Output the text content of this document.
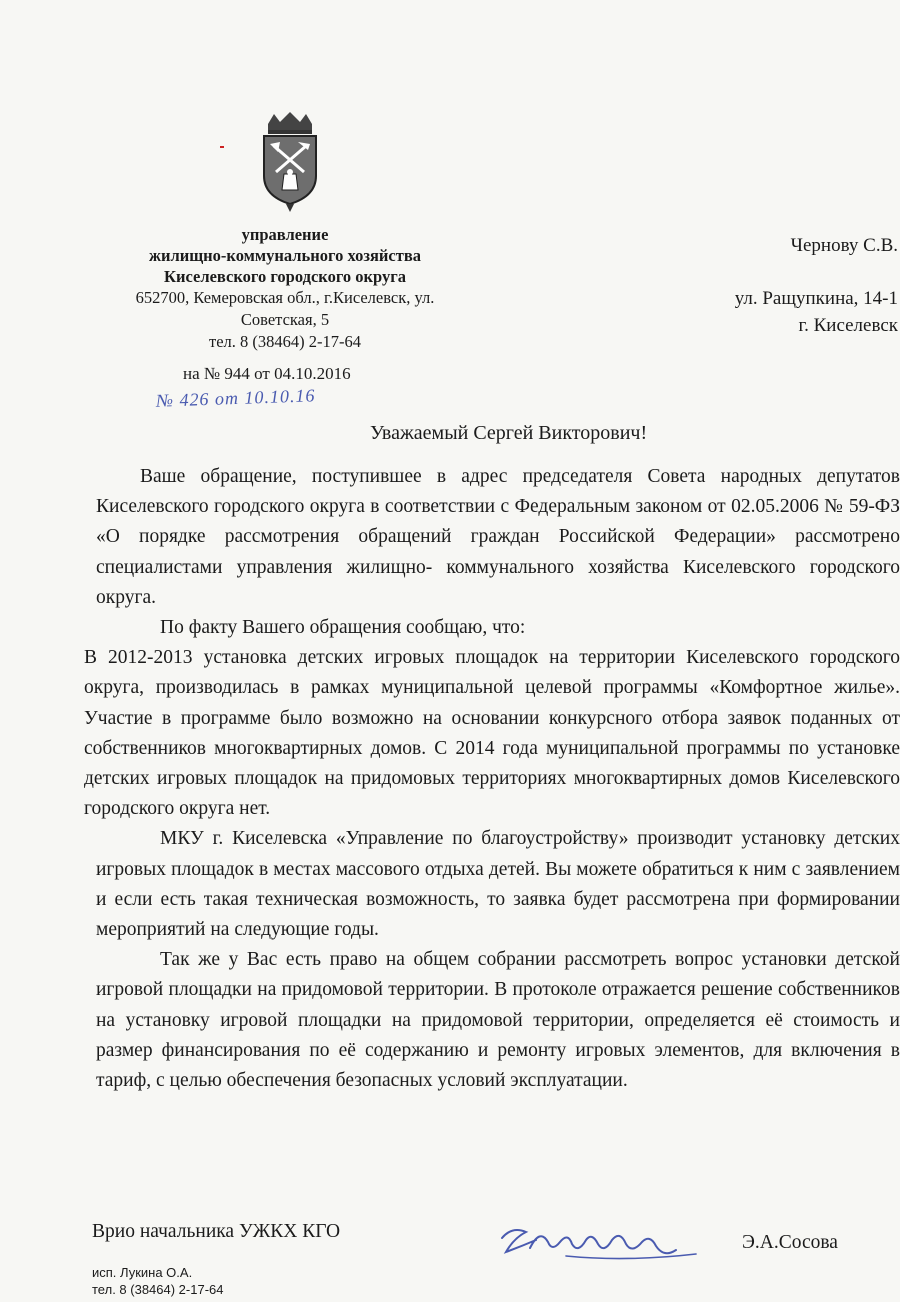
управление
жилищно-коммунального хозяйства
Киселевского городского округа
652700, Кемеровская обл., г.Киселевск, ул.
Советская, 5
тел. 8 (38464) 2-17-64
на № 944 от 04.10.2016
№ 426 от 10.10.16
Чернову С.В.
ул. Ращупкина, 14-1
г. Киселевск
Уважаемый Сергей Викторович!

Ваше обращение, поступившее в адрес председателя Совета народных депутатов Киселевского городского округа в соответствии с Федеральным законом от 02.05.2006 № 59-ФЗ «О порядке рассмотрения обращений граждан Российской Федерации» рассмотрено специалистами управления жилищно- коммунального хозяйства Киселевского городского округа.

По факту Вашего обращения сообщаю, что:

В 2012-2013 установка детских игровых площадок на территории Киселевского городского округа, производилась в рамках муниципальной целевой программы «Комфортное жилье». Участие в программе было возможно на основании конкурсного отбора заявок поданных от собственников многоквартирных домов. С 2014 года муниципальной программы по установке детских игровых площадок на придомовых территориях многоквартирных домов Киселевского городского округа нет.

МКУ г. Киселевска «Управление по благоустройству» производит установку детских игровых площадок в местах массового отдыха детей. Вы можете обратиться к ним с заявлением и если есть такая техническая возможность, то заявка будет рассмотрена при формировании мероприятий на следующие годы.

Так же у Вас есть право на общем собрании рассмотреть вопрос установки детской игровой площадки на придомовой территории. В протоколе отражается решение собственников на установку игровой площадки на придомовой территории, определяется её стоимость и размер финансирования по её содержанию и ремонту игровых элементов, для включения в тариф, с целью обеспечения безопасных условий эксплуатации.

Врио начальника УЖКХ КГО
Э.А.Сосова
исп. Лукина О.А.
тел. 8 (38464) 2-17-64
